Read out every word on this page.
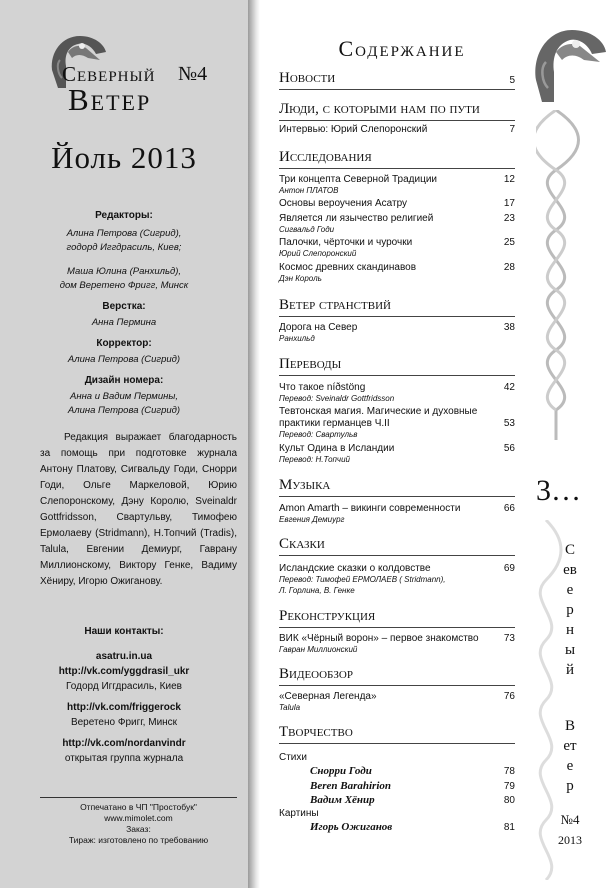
Северный
Ветер
№4
Йоль 2013
Редакторы:
Алина Петрова (Сигрид),
годорд Иггдрасиль, Киев;
Маша Юлина (Ранхильд),
дом Веретено Фригг, Минск
Верстка:
Анна Пермина
Корректор:
Алина Петрова (Сигрид)
Дизайн номера:
Анна и Вадим Пермины,
Алина Петрова (Сигрид)
Редакция выражает благодарность за помощь при подготовке журнала Антону Платову, Сигвальду Годи, Снорри Годи, Ольге Маркеловой, Юрию Слепоронскому, Дэну Королю, Sveinaldr Gottfridsson, Свартульву, Тимофею Ермолаеву (Stridmann), Н.Топчий (Tradis), Talula, Евгении Демиург, Гаврану Миллионскому, Виктору Генке, Вадиму Хёниру, Игорю Ожиганову.
Наши контакты:
asatru.in.ua
http://vk.com/yggdrasil_ukr
Годорд Иггдрасиль, Киев
http://vk.com/friggerock
Веретено Фригг, Минск
http://vk.com/nordanvindr
открытая группа журнала
Отпечатано в ЧП "Простобук"
www.mimolet.com
Заказ:
Тираж: изготовлено по требованию
Содержание
Новости	5
Люди, с которыми нам по пути
Интервью: Юрий Слепоронский	7
Исследования
Три концепта Северной Традиции	12
Антон ПЛАТОВ
Основы вероучения Асатру	17
Является ли язычество религией	23
Сигвальд Годи
Палочки, чёрточки и чурочки	25
Юрий Слепоронский
Космос древних скандинавов	28
Дэн Король
Ветер странствий
Дорога на Север	38
Ранхильд
Переводы
Что такое níðstöng	42
Перевод: Sveinaldr Gottfridsson
Тевтонская магия. Магические и духовные практики германцев Ч.II	53
Перевод: Свартульв
Культ Одина в Исландии	56
Перевод: Н.Топчий
Музыка
Amon Amarth – викинги современности	66
Евгения Демиург
Сказки
Исландские сказки о колдовстве	69
Перевод: Тимофей ЕРМОЛАЕВ ( Stridmann),
Л. Горлина, В. Генке
Реконструкция
ВИК «Чёрный ворон» – первое знакомство	73
Гавран Миллионский
Видеообзор
«Северная Легенда»	76
Talula
Творчество
Стихи
Снорри Годи	78
Beren Barahirion	79
Вадим Хёнир	80
Картины
Игорь Ожиганов	81
3…
Северный
Ветер
№4
2013
